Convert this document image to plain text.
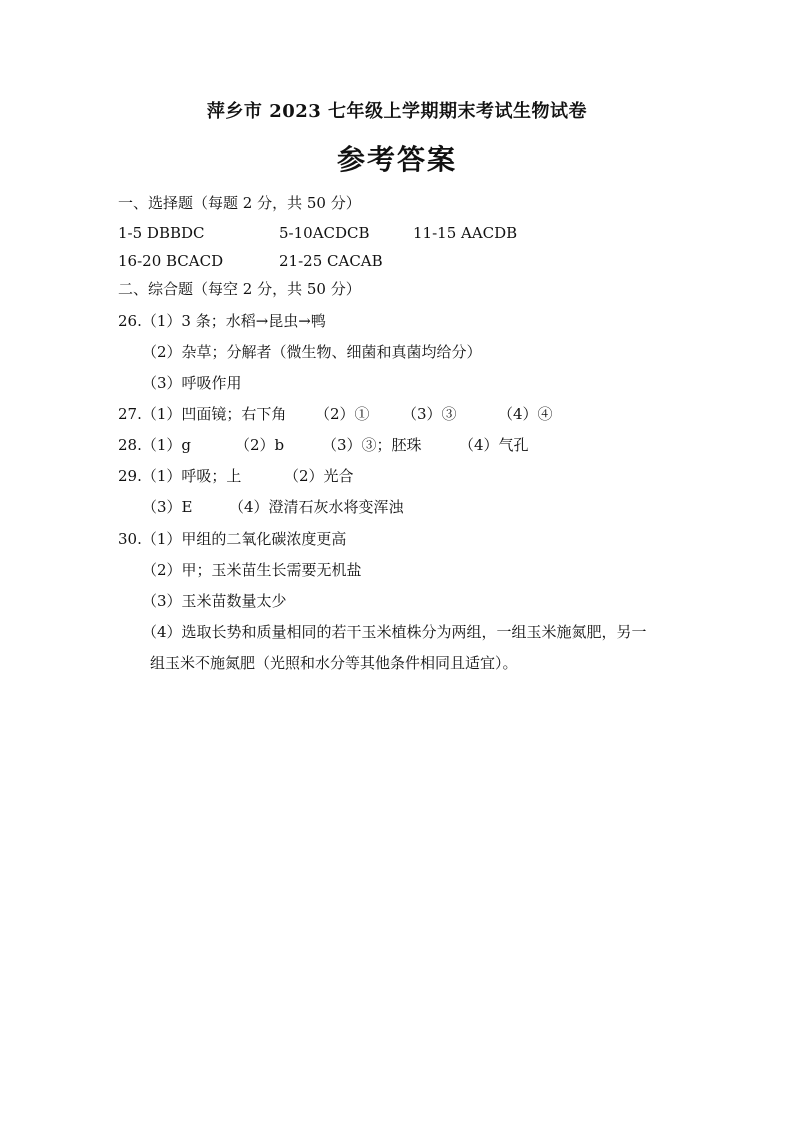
萍乡市 2023 七年级上学期期末考试生物试卷
参考答案
一、选择题（每题 2 分，共 50 分）
1-5 DBBDC	5-10ACDCB	11-15 AACDB
16-20 BCACD	21-25 CACAB
二、综合题（每空 2 分，共 50 分）
26.（1）3 条；水稻→昆虫→鸭
（2）杂草；分解者（微生物、细菌和真菌均给分）
（3）呼吸作用
27.（1）凹面镜；右下角 （2）① （3）③	（4）④
28.（1）g	（2）b	（3）③；胚珠 （4）气孔
29.（1）呼吸；上	（2）光合
（3）E （4）澄清石灰水将变浑浊
30.（1）甲组的二氧化碳浓度更高
（2）甲；玉米苗生长需要无机盐
（3）玉米苗数量太少
（4）选取长势和质量相同的若干玉米植株分为两组，一组玉米施氮肥，另一
组玉米不施氮肥（光照和水分等其他条件相同且适宜）。
